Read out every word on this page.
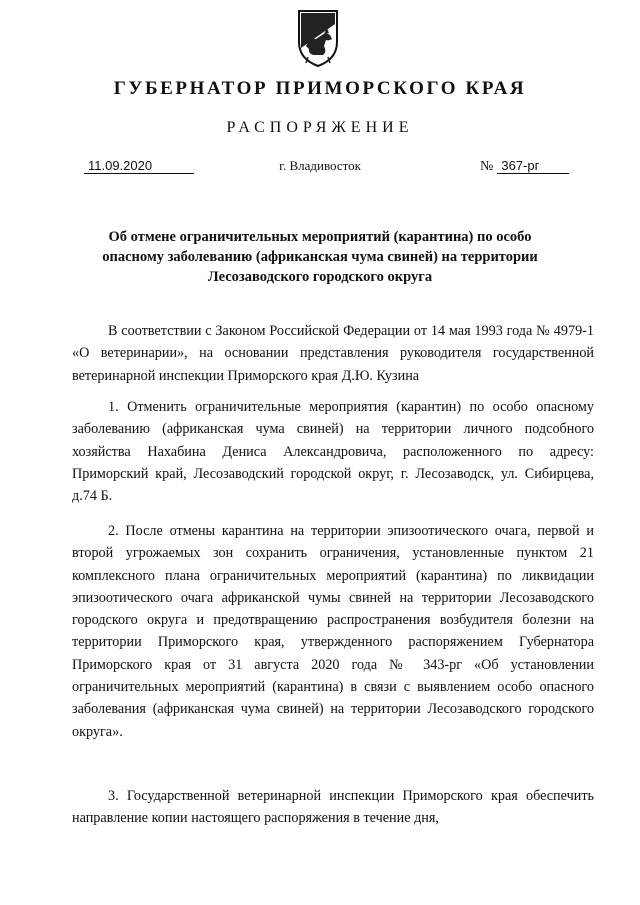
ГУБЕРНАТОР ПРИМОРСКОГО КРАЯ
РАСПОРЯЖЕНИЕ
11.09.2020	г. Владивосток	№ 367-рг
Об отмене ограничительных мероприятий (карантина) по особо опасному заболеванию (африканская чума свиней) на территории Лесозаводского городского округа

В соответствии с Законом Российской Федерации от 14 мая 1993 года № 4979-1 «О ветеринарии», на основании представления руководителя государственной ветеринарной инспекции Приморского края Д.Ю. Кузина

1. Отменить ограничительные мероприятия (карантин) по особо опасному заболеванию (африканская чума свиней) на территории личного подсобного хозяйства Нахабина Дениса Александровича, расположенного по адресу: Приморский край, Лесозаводский городской округ, г. Лесозаводск, ул. Сибирцева, д.74 Б.

2. После отмены карантина на территории эпизоотического очага, первой и второй угрожаемых зон сохранить ограничения, установленные пунктом 21 комплексного плана ограничительных мероприятий (карантина) по ликвидации эпизоотического очага африканской чумы свиней на территории Лесозаводского городского округа и предотвращению распространения возбудителя болезни на территории Приморского края, утвержденного распоряжением Губернатора Приморского края от 31 августа 2020 года № 343-рг «Об установлении ограничительных мероприятий (карантина) в связи с выявлением особо опасного заболевания (африканская чума свиней) на территории Лесозаводского городского округа».

3. Государственной ветеринарной инспекции Приморского края обеспечить направление копии настоящего распоряжения в течение дня,
